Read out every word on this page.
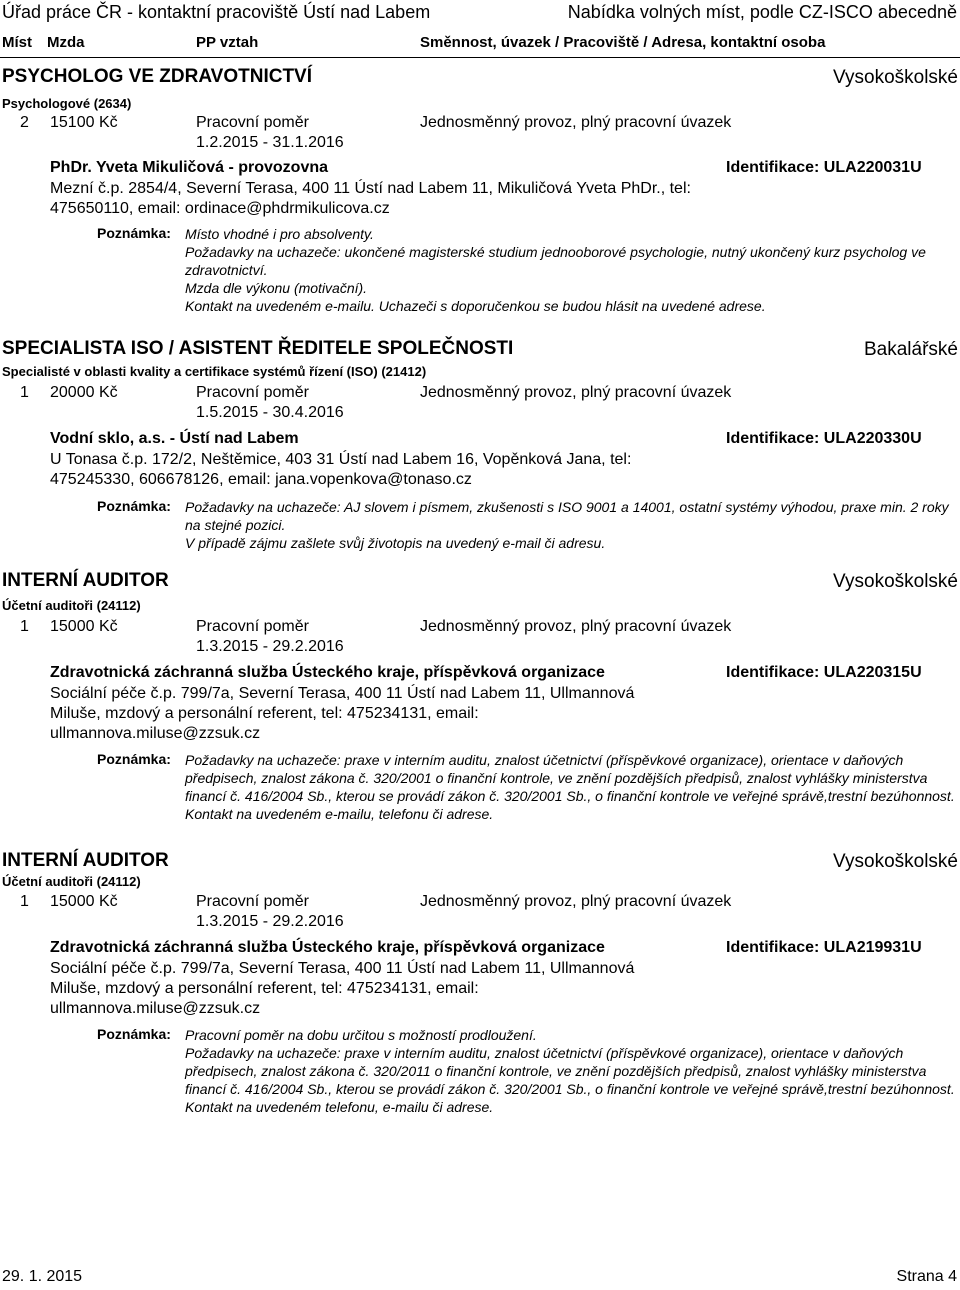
Úřad práce ČR - kontaktní pracoviště Ústí nad Labem	Nabídka volných míst, podle CZ-ISCO abecedně
Míst Mzda	PP vztah	Směnnost, úvazek / Pracoviště / Adresa, kontaktní osoba
PSYCHOLOG VE ZDRAVOTNICTVÍ	Vysokoškolské
Psychologové (2634)
2 15100 Kč	Pracovní poměr	Jednosměnný provoz, plný pracovní úvazek
1.2.2015 - 31.1.2016
PhDr. Yveta Mikuličová - provozovna	Identifikace: ULA220031U
Mezní č.p. 2854/4, Severní Terasa, 400 11 Ústí nad Labem 11, Mikuličová Yveta PhDr., tel: 475650110, email: ordinace@phdrmikulicova.cz
Poznámka: Místo vhodné i pro absolventy.
Požadavky na uchazeče: ukončené magisterské studium jednooborové psychologie, nutný ukončený kurz psycholog ve zdravotnictví.
Mzda dle výkonu (motivační).
Kontakt na uvedeném e-mailu. Uchazeči s doporučenkou se budou hlásit na uvedené adrese.
SPECIALISTA ISO / ASISTENT ŘEDITELE SPOLEČNOSTI	Bakalářské
Specialisté v oblasti kvality a certifikace systémů řízení (ISO) (21412)
1 20000 Kč	Pracovní poměr	Jednosměnný provoz, plný pracovní úvazek
1.5.2015 - 30.4.2016
Vodní sklo, a.s. - Ústí nad Labem	Identifikace: ULA220330U
U Tonasa č.p. 172/2, Neštěmice, 403 31 Ústí nad Labem 16, Vopěnková Jana, tel: 475245330, 606678126, email: jana.vopenkova@tonaso.cz
Poznámka: Požadavky na uchazeče: AJ slovem i písmem, zkušenosti s ISO 9001 a 14001, ostatní systémy výhodou, praxe min. 2 roky na stejné pozici.
V případě zájmu zašlete svůj životopis na uvedený e-mail či adresu.
INTERNÍ AUDITOR	Vysokoškolské
Účetní auditoři (24112)
1 15000 Kč	Pracovní poměr	Jednosměnný provoz, plný pracovní úvazek
1.3.2015 - 29.2.2016
Zdravotnická záchranná služba Ústeckého kraje, příspěvková organizace	Identifikace: ULA220315U
Sociální péče č.p. 799/7a, Severní Terasa, 400 11 Ústí nad Labem 11, Ullmannová Miluše, mzdový a personální referent, tel: 475234131, email: ullmannova.miluse@zzsuk.cz
Poznámka: Požadavky na uchazeče: praxe v interním auditu, znalost účetnictví (příspěvkové organizace), orientace v daňových předpisech, znalost zákona č. 320/2001 o finanční kontrole, ve znění pozdějších předpisů, znalost vyhlášky ministerstva financí č. 416/2004 Sb., kterou se provádí zákon č. 320/2001 Sb., o finanční kontrole ve veřejné správě,trestní bezúhonnost.
Kontakt na uvedeném e-mailu, telefonu či adrese.
INTERNÍ AUDITOR	Vysokoškolské
Účetní auditoři (24112)
1 15000 Kč	Pracovní poměr	Jednosměnný provoz, plný pracovní úvazek
1.3.2015 - 29.2.2016
Zdravotnická záchranná služba Ústeckého kraje, příspěvková organizace	Identifikace: ULA219931U
Sociální péče č.p. 799/7a, Severní Terasa, 400 11 Ústí nad Labem 11, Ullmannová Miluše, mzdový a personální referent, tel: 475234131, email: ullmannova.miluse@zzsuk.cz
Poznámka: Pracovní poměr na dobu určitou s možností prodloužení.
Požadavky na uchazeče: praxe v interním auditu, znalost účetnictví (příspěvkové organizace), orientace v daňových předpisech, znalost zákona č. 320/2011 o finanční kontrole, ve znění pozdějších předpisů, znalost vyhlášky ministerstva financí č. 416/2004 Sb., kterou se provádí zákon č. 320/2001 Sb., o finanční kontrole ve veřejné správě,trestní bezúhonnost.
Kontakt na uvedeném telefonu, e-mailu či adrese.
29. 1. 2015	Strana 4
